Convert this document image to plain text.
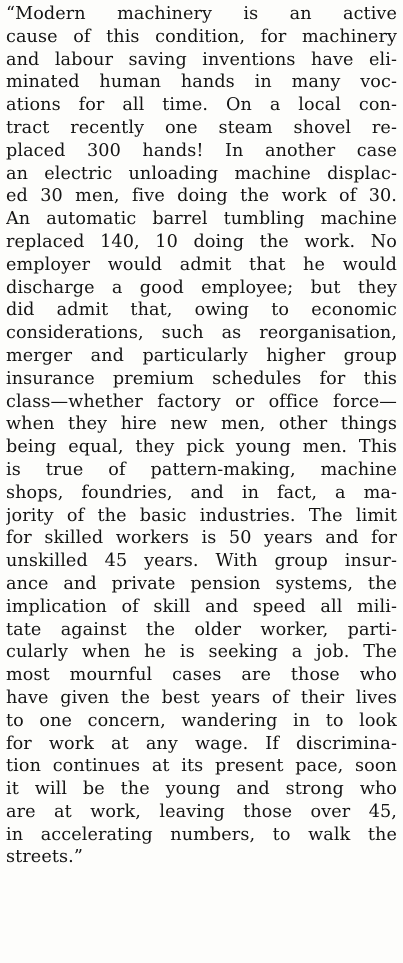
“Modern machinery is an active
cause of this condition, for machinery
and labour saving inventions have eli-
minated human hands in many voc-
ations for all time. On a local con-
tract recently one steam shovel re-
placed 300 hands! In another case
an electric unloading machine displac-
ed 30 men, five doing the work of 30.
An automatic barrel tumbling machine
replaced 140, 10 doing the work. No
employer would admit that he would
discharge a good employee; but they
did admit that, owing to economic
considerations, such as reorganisation,
merger and particularly higher group
insurance premium schedules for this
class—whether factory or office force—
when they hire new men, other things
being equal, they pick young men. This
is true of pattern-making, machine
shops, foundries, and in fact, a ma-
jority of the basic industries. The limit
for skilled workers is 50 years and for
unskilled 45 years. With group insur-
ance and private pension systems, the
implication of skill and speed all mili-
tate against the older worker, parti-
cularly when he is seeking a job. The
most mournful cases are those who
have given the best years of their lives
to one concern, wandering in to look
for work at any wage. If discrimina-
tion continues at its present pace, soon
it will be the young and strong who
are at work, leaving those over 45,
in accelerating numbers, to walk the
streets.”
